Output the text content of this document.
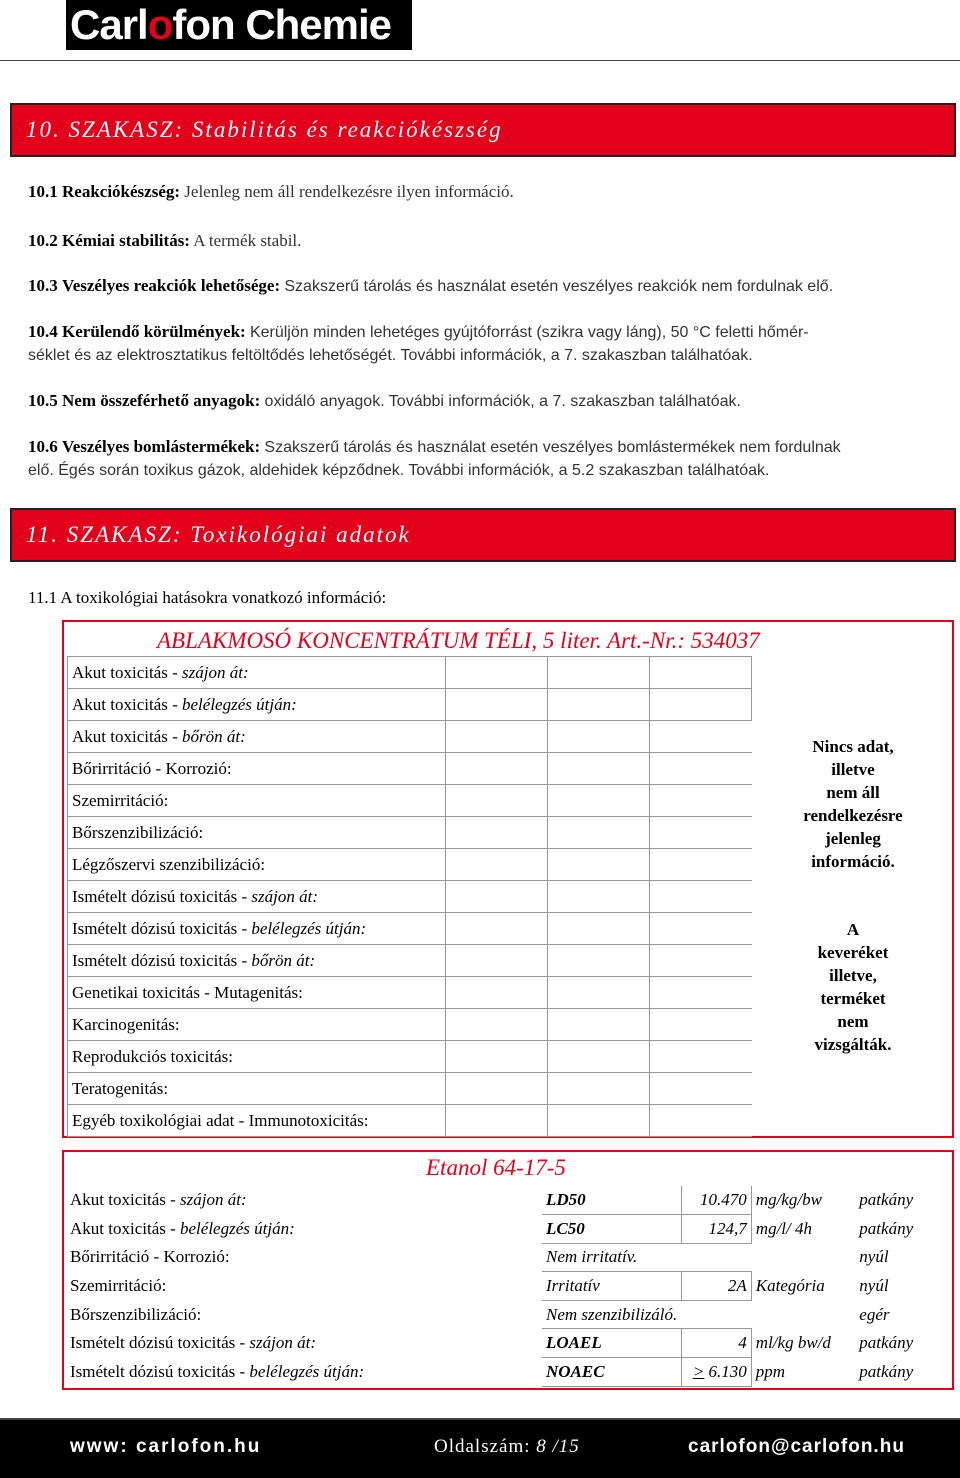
Carlofon Chemie
10. SZAKASZ: Stabilitás és reakciókészség
10.1 Reakciókészség: Jelenleg nem áll rendelkezésre ilyen információ.
10.2 Kémiai stabilitás: A termék stabil.
10.3 Veszélyes reakciók lehetősége: Szakszerű tárolás és használat esetén veszélyes reakciók nem fordulnak elő.
10.4 Kerülendő körülmények: Kerüljön minden lehetéges gyújtóforrást (szikra vagy láng), 50 °C feletti hőmér-
séklet és az elektrosztatikus feltöltődés lehetőségét. További információk, a 7. szakaszban találhatóak.
10.5 Nem összeférhető anyagok: oxidáló anyagok. További információk, a 7. szakaszban találhatóak.
10.6 Veszélyes bomlástermékek: Szakszerű tárolás és használat esetén veszélyes bomlástermékek nem fordulnak
elő. Égés során toxikus gázok, aldehidek képződnek. További információk, a 5.2 szakaszban találhatóak.
11. SZAKASZ: Toxikológiai adatok
11.1 A toxikológiai hatásokra vonatkozó információ:
ABLAKMOSÓ KONCENTRÁTUM TÉLI, 5 liter. Art.-Nr.: 534037
Akut toxicitás - szájon át:			
Akut toxicitás - belélegzés útján:			
Akut toxicitás - bőrön át:			
Bőrirritáció - Korrozió:			
Szemirritáció:			
Bőrszenzibilizáció:			
Légzőszervi szenzibilizáció:			
Ismételt dózisú toxicitás - szájon át:			
Ismételt dózisú toxicitás - belélegzés útján:			
Ismételt dózisú toxicitás - bőrön át:			
Genetikai toxicitás - Mutagenitás:			
Karcinogenitás:			
Reprodukciós toxicitás:			
Teratogenitás:			
Egyéb toxikológiai adat - Immunotoxicitás:			
Nincs adat,
illetve
nem áll
rendelkezésre
jelenleg
információ.
A
keveréket
illetve,
terméket
nem
vizsgálták.
Etanol 64-17-5
Akut toxicitás - szájon át:	LD50	10.470	mg/kg/bw	patkány
Akut toxicitás - belélegzés útján:	LC50	124,7	mg/l/ 4h	patkány
Bőrirritáció - Korrozió:	Nem irritatív.			nyúl
Szemirritáció:	Irritatív	2A	Kategória	nyúl
Bőrszenzibilizáció:	Nem szenzibilizáló.			egér
Ismételt dózisú toxicitás - szájon át:	LOAEL	4	ml/kg bw/d	patkány
Ismételt dózisú toxicitás - belélegzés útján:	NOAEC	> 6.130	ppm	patkány
www: carlofon.hu	Oldalszám: 8 /15	carlofon@carlofon.hu
